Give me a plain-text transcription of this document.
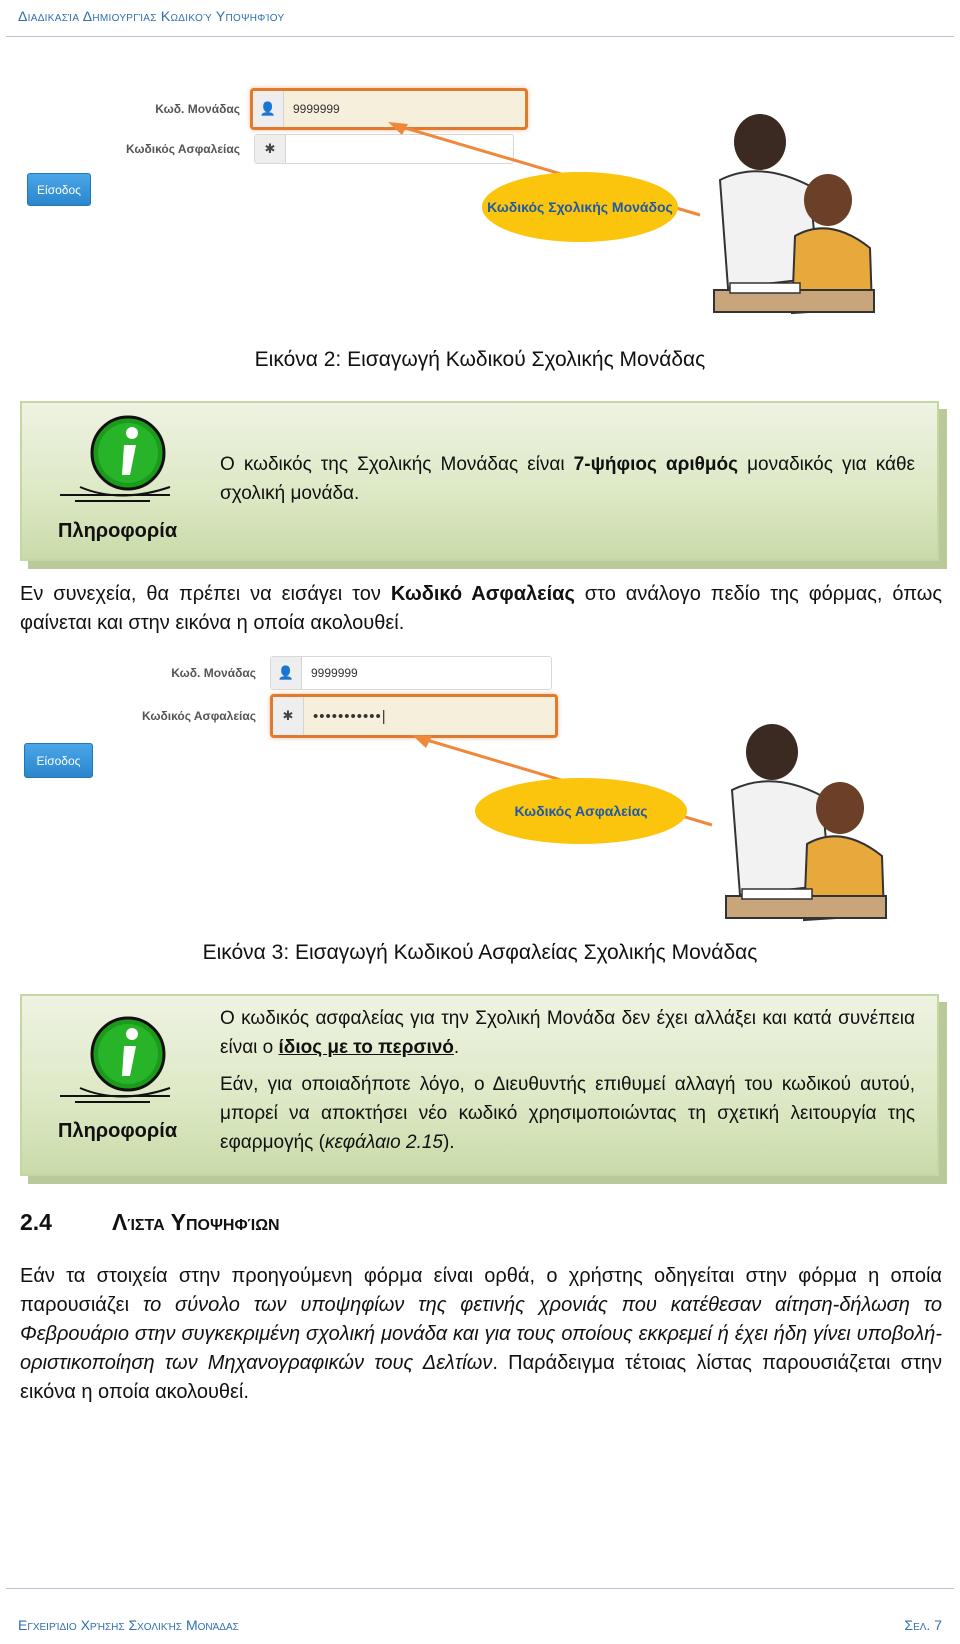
Διαδικασία Δημιουργίας Κωδικού Υποψηφίου
Κωδ. Μονάδας	👤	9999999
Κωδικός Ασφαλείας	✱
Είσοδος
Κωδικός Σχολικής Μονάδος
Εικόνα 2: Εισαγωγή Κωδικού Σχολικής Μονάδας
Πληροφορία

Ο κωδικός της Σχολικής Μονάδας είναι 7-ψήφιος αριθμός μοναδικός για κάθε σχολική μονάδα.

Εν συνεχεία, θα πρέπει να εισάγει τον Κωδικό Ασφαλείας στο ανάλογο πεδίο της φόρμας, όπως φαίνεται και στην εικόνα η οποία ακολουθεί.

Κωδ. Μονάδας	👤	9999999
Κωδικός Ασφαλείας	✱	•••••••••••|
Είσοδος
Κωδικός Ασφαλείας
Εικόνα 3: Εισαγωγή Κωδικού Ασφαλείας Σχολικής Μονάδας
Πληροφορία

Ο κωδικός ασφαλείας για την Σχολική Μονάδα δεν έχει αλλάξει και κατά συνέπεια είναι ο ίδιος με το περσινό.

Εάν, για οποιαδήποτε λόγο, ο Διευθυντής επιθυμεί αλλαγή του κωδικού αυτού, μπορεί να αποκτήσει νέο κωδικό χρησιμοποιώντας τη σχετική λειτουργία της εφαρμογής (κεφάλαιο 2.15).

2.4	Λίστα Υποψηφίων

Εάν τα στοιχεία στην προηγούμενη φόρμα είναι ορθά, ο χρήστης οδηγείται στην φόρμα η οποία παρουσιάζει το σύνολο των υποψηφίων της φετινής χρονιάς που κατέθεσαν αίτηση-δήλωση το Φεβρουάριο στην συγκεκριμένη σχολική μονάδα και για τους οποίους εκκρεμεί ή έχει ήδη γίνει υποβολή-οριστικοποίηση των Μηχανογραφικών τους Δελτίων. Παράδειγμα τέτοιας λίστας παρουσιάζεται στην εικόνα η οποία ακολουθεί.

Εγχειρίδιο Χρήσης Σχολικής Μονάδας	Σελ. 7
